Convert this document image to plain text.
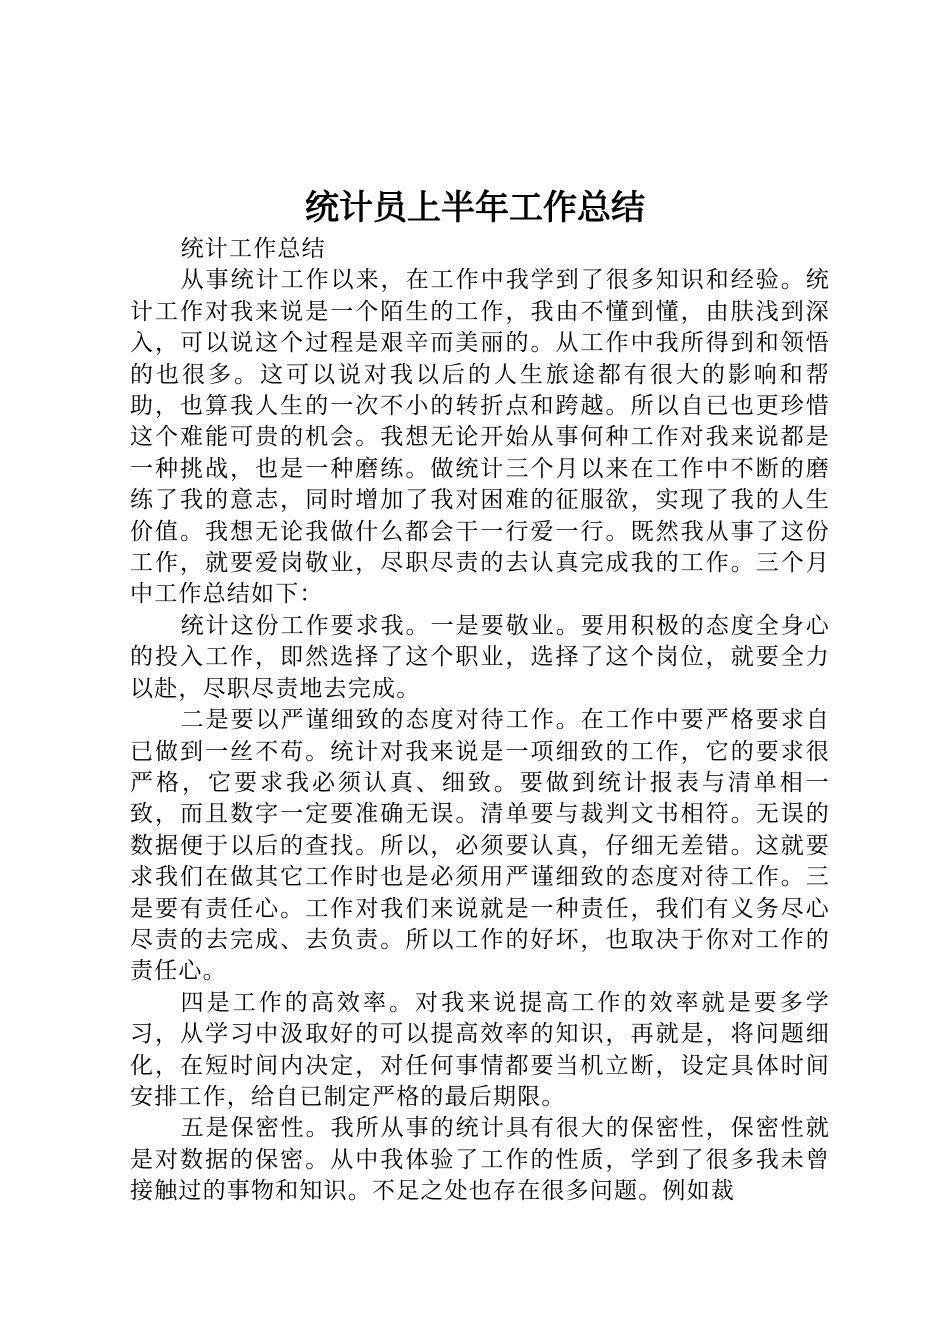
统计员上半年工作总结

统计工作总结

从事统计工作以来，在工作中我学到了很多知识和经验。统计工作对我来说是一个陌生的工作，我由不懂到懂，由肤浅到深入，可以说这个过程是艰辛而美丽的。从工作中我所得到和领悟的也很多。这可以说对我以后的人生旅途都有很大的影响和帮助，也算我人生的一次不小的转折点和跨越。所以自已也更珍惜这个难能可贵的机会。我想无论开始从事何种工作对我来说都是一种挑战，也是一种磨练。做统计三个月以来在工作中不断的磨练了我的意志，同时增加了我对困难的征服欲，实现了我的人生价值。我想无论我做什么都会干一行爱一行。既然我从事了这份工作，就要爱岗敬业，尽职尽责的去认真完成我的工作。三个月中工作总结如下：

统计这份工作要求我。一是要敬业。要用积极的态度全身心的投入工作，即然选择了这个职业，选择了这个岗位，就要全力以赴，尽职尽责地去完成。

二是要以严谨细致的态度对待工作。在工作中要严格要求自已做到一丝不苟。统计对我来说是一项细致的工作，它的要求很严格，它要求我必须认真、细致。要做到统计报表与清单相一致，而且数字一定要准确无误。清单要与裁判文书相符。无误的数据便于以后的查找。所以，必须要认真，仔细无差错。这就要求我们在做其它工作时也是必须用严谨细致的态度对待工作。三是要有责任心。工作对我们来说就是一种责任，我们有义务尽心尽责的去完成、去负责。所以工作的好坏，也取决于你对工作的责任心。

四是工作的高效率。对我来说提高工作的效率就是要多学习，从学习中汲取好的可以提高效率的知识，再就是，将问题细化，在短时间内决定，对任何事情都要当机立断，设定具体时间安排工作，给自已制定严格的最后期限。

五是保密性。我所从事的统计具有很大的保密性，保密性就是对数据的保密。从中我体验了工作的性质，学到了很多我未曾接触过的事物和知识。不足之处也存在很多问题。例如裁
